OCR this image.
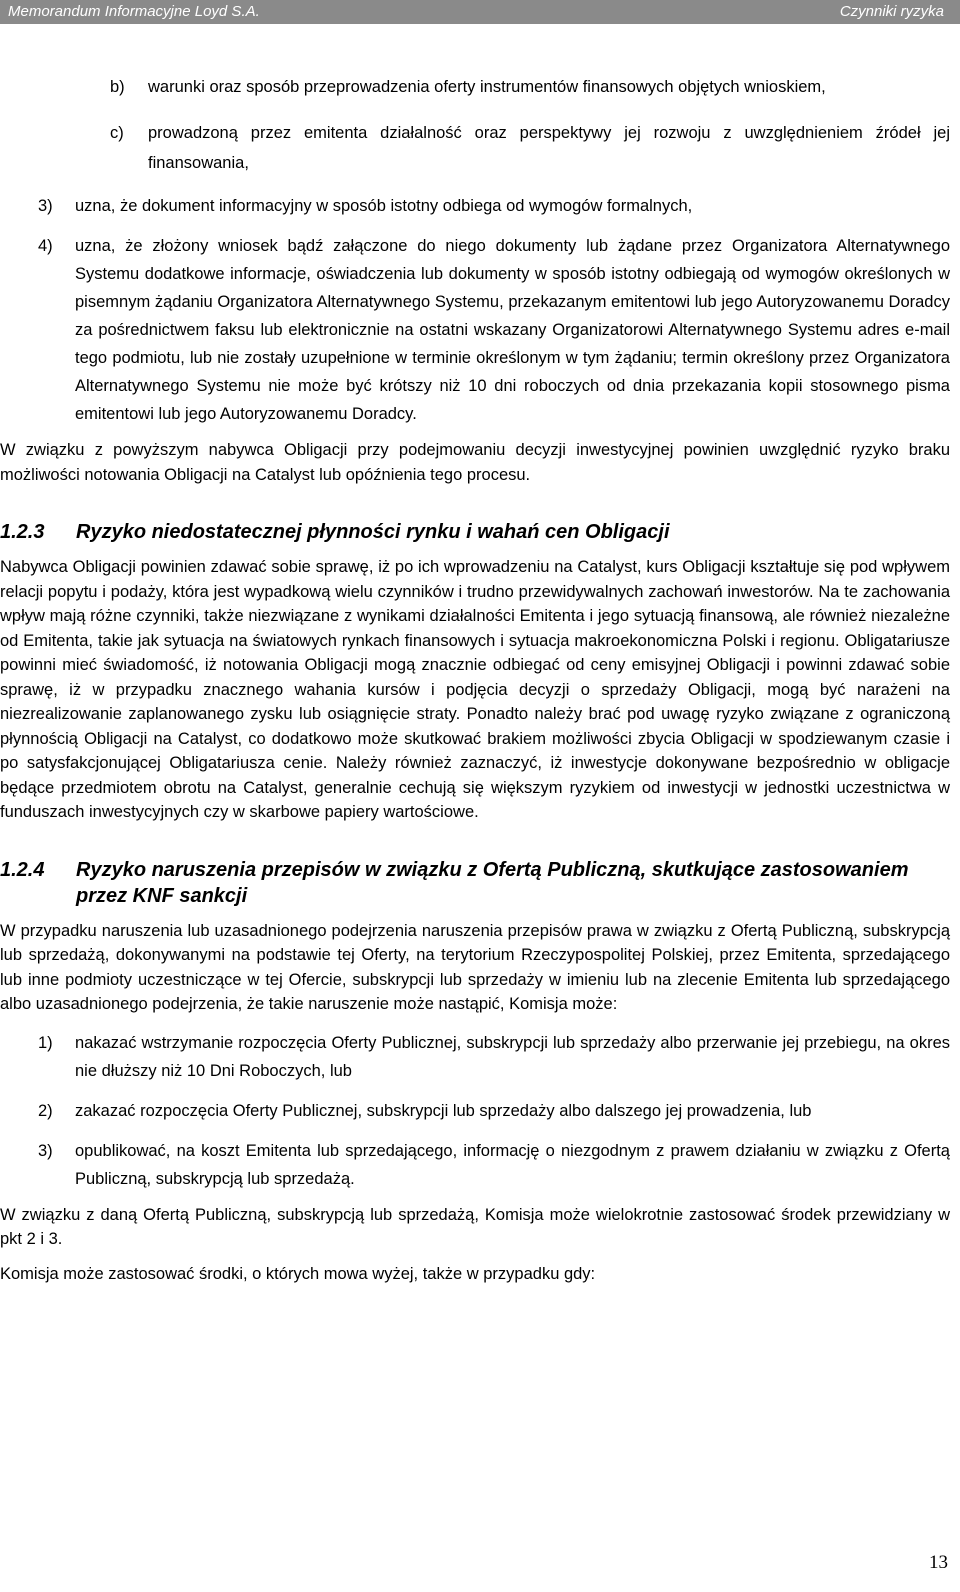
Memorandum Informacyjne Loyd S.A.	Czynniki ryzyka
b) warunki oraz sposób przeprowadzenia oferty instrumentów finansowych objętych wnioskiem,
c) prowadzoną przez emitenta działalność oraz perspektywy jej rozwoju z uwzględnieniem źródeł jej finansowania,
3) uzna, że dokument informacyjny w sposób istotny odbiega od wymogów formalnych,
4) uzna, że złożony wniosek bądź załączone do niego dokumenty lub żądane przez Organizatora Alternatywnego Systemu dodatkowe informacje, oświadczenia lub dokumenty w sposób istotny odbiegają od wymogów określonych w pisemnym żądaniu Organizatora Alternatywnego Systemu, przekazanym emitentowi lub jego Autoryzowanemu Doradcy za pośrednictwem faksu lub elektronicznie na ostatni wskazany Organizatorowi Alternatywnego Systemu adres e-mail tego podmiotu, lub nie zostały uzupełnione w terminie określonym w tym żądaniu; termin określony przez Organizatora Alternatywnego Systemu nie może być krótszy niż 10 dni roboczych od dnia przekazania kopii stosownego pisma emitentowi lub jego Autoryzowanemu Doradcy.
W związku z powyższym nabywca Obligacji przy podejmowaniu decyzji inwestycyjnej powinien uwzględnić ryzyko braku możliwości notowania Obligacji na Catalyst lub opóźnienia tego procesu.
1.2.3 Ryzyko niedostatecznej płynności rynku i wahań cen Obligacji
Nabywca Obligacji powinien zdawać sobie sprawę, iż po ich wprowadzeniu na Catalyst, kurs Obligacji kształtuje się pod wpływem relacji popytu i podaży, która jest wypadkową wielu czynników i trudno przewidywalnych zachowań inwestorów. Na te zachowania wpływ mają różne czynniki, także niezwiązane z wynikami działalności Emitenta i jego sytuacją finansową, ale również niezależne od Emitenta, takie jak sytuacja na światowych rynkach finansowych i sytuacja makroekonomiczna Polski i regionu. Obligatariusze powinni mieć świadomość, iż notowania Obligacji mogą znacznie odbiegać od ceny emisyjnej Obligacji i powinni zdawać sobie sprawę, iż w przypadku znacznego wahania kursów i podjęcia decyzji o sprzedaży Obligacji, mogą być narażeni na niezrealizowanie zaplanowanego zysku lub osiągnięcie straty. Ponadto należy brać pod uwagę ryzyko związane z ograniczoną płynnością Obligacji na Catalyst, co dodatkowo może skutkować brakiem możliwości zbycia Obligacji w spodziewanym czasie i po satysfakcjonującej Obligatariusza cenie. Należy również zaznaczyć, iż inwestycje dokonywane bezpośrednio w obligacje będące przedmiotem obrotu na Catalyst, generalnie cechują się większym ryzykiem od inwestycji w jednostki uczestnictwa w funduszach inwestycyjnych czy w skarbowe papiery wartościowe.
1.2.4 Ryzyko naruszenia przepisów w związku z Ofertą Publiczną, skutkujące zastosowaniem przez KNF sankcji
W przypadku naruszenia lub uzasadnionego podejrzenia naruszenia przepisów prawa w związku z Ofertą Publiczną, subskrypcją lub sprzedażą, dokonywanymi na podstawie tej Oferty, na terytorium Rzeczypospolitej Polskiej, przez Emitenta, sprzedającego lub inne podmioty uczestniczące w tej Ofercie, subskrypcji lub sprzedaży w imieniu lub na zlecenie Emitenta lub sprzedającego albo uzasadnionego podejrzenia, że takie naruszenie może nastąpić, Komisja może:
1) nakazać wstrzymanie rozpoczęcia Oferty Publicznej, subskrypcji lub sprzedaży albo przerwanie jej przebiegu, na okres nie dłuższy niż 10 Dni Roboczych, lub
2) zakazać rozpoczęcia Oferty Publicznej, subskrypcji lub sprzedaży albo dalszego jej prowadzenia, lub
3) opublikować, na koszt Emitenta lub sprzedającego, informację o niezgodnym z prawem działaniu w związku z Ofertą Publiczną, subskrypcją lub sprzedażą.
W związku z daną Ofertą Publiczną, subskrypcją lub sprzedażą, Komisja może wielokrotnie zastosować środek przewidziany w pkt 2 i 3.
Komisja może zastosować środki, o których mowa wyżej, także w przypadku gdy:
13
